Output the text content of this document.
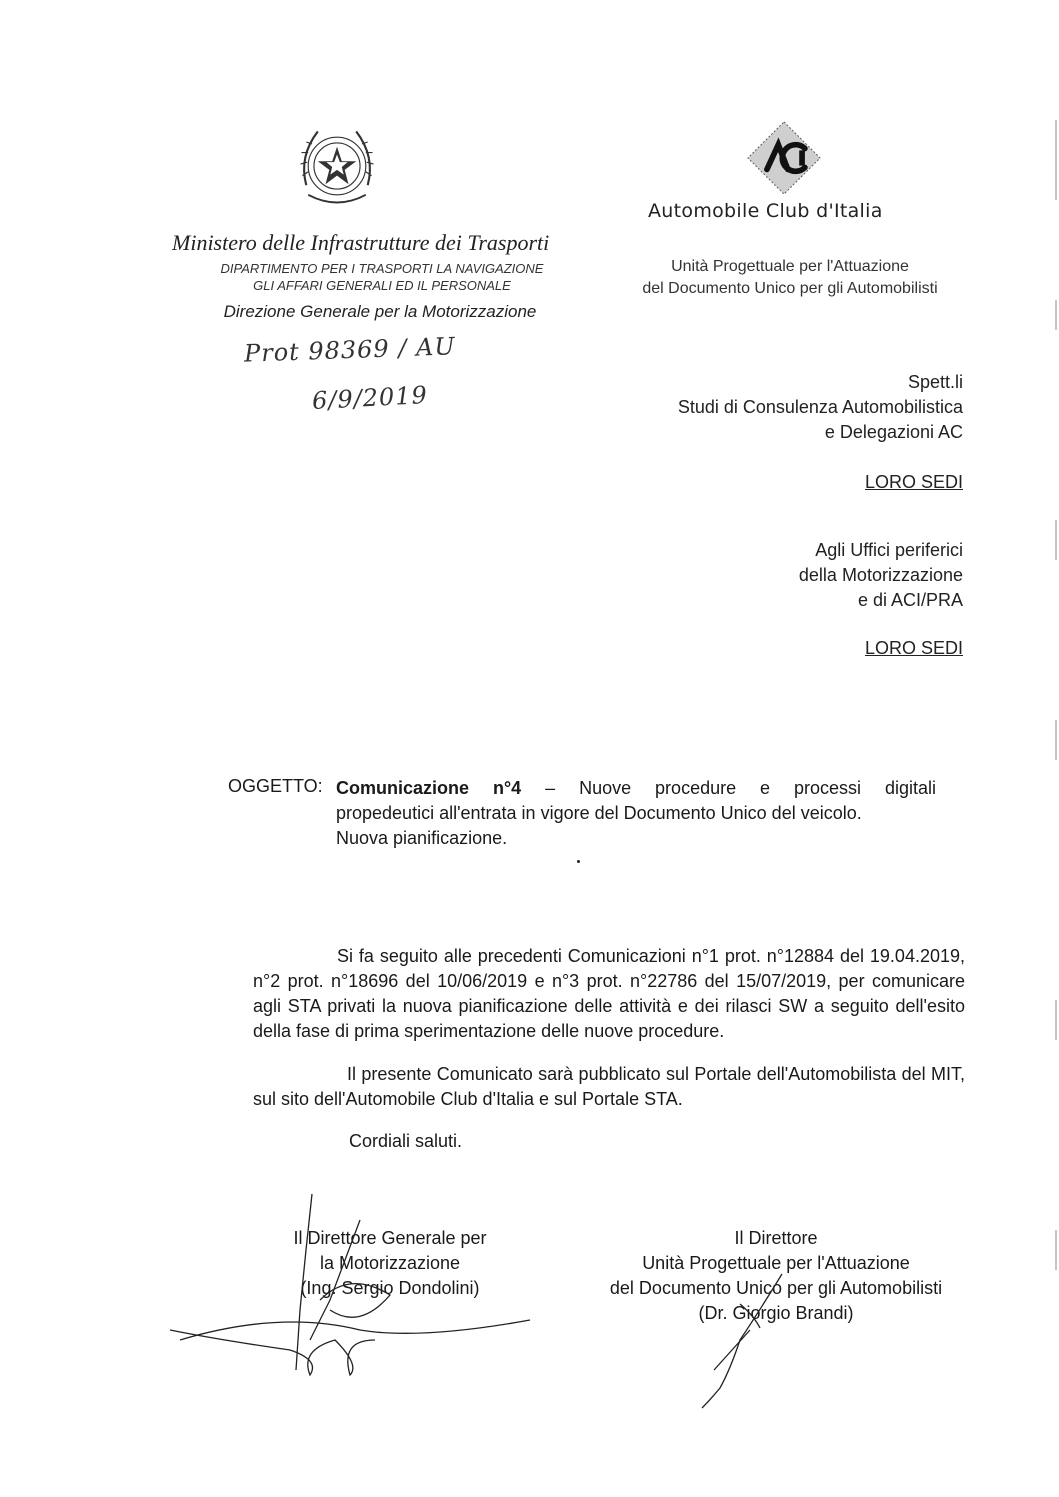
Automobile Club d'Italia
Ministero delle Infrastrutture dei Trasporti
DIPARTIMENTO PER I TRASPORTI LA NAVIGAZIONE
GLI AFFARI GENERALI ED IL PERSONALE
Direzione Generale per la Motorizzazione
Unità Progettuale per l'Attuazione
del Documento Unico per gli Automobilisti
Prot 98369 / AU
6/9/2019	Spett.li
Studi di Consulenza Automobilistica
e Delegazioni AC
LORO SEDI
Agli Uffici periferici
della Motorizzazione
e di ACI/PRA
LORO SEDI
OGGETTO: Comunicazione n°4 – Nuove procedure e processi digitali
propedeutici all'entrata in vigore del Documento Unico del veicolo.
Nuova pianificazione.
Si fa seguito alle precedenti Comunicazioni n°1 prot. n°12884 del 19.04.2019, n°2 prot. n°18696 del 10/06/2019 e n°3 prot. n°22786 del 15/07/2019, per comunicare agli STA privati la nuova pianificazione delle attività e dei rilasci SW a seguito dell'esito della fase di prima sperimentazione delle nuove procedure.
Il presente Comunicato sarà pubblicato sul Portale dell'Automobilista del MIT, sul sito dell'Automobile Club d'Italia e sul Portale STA.
Cordiali saluti.
Il Direttore Generale per
la Motorizzazione
(Ing. Sergio Dondolini)
Il Direttore
Unità Progettuale per l'Attuazione
del Documento Unico per gli Automobilisti
(Dr. Giorgio Brandi)
